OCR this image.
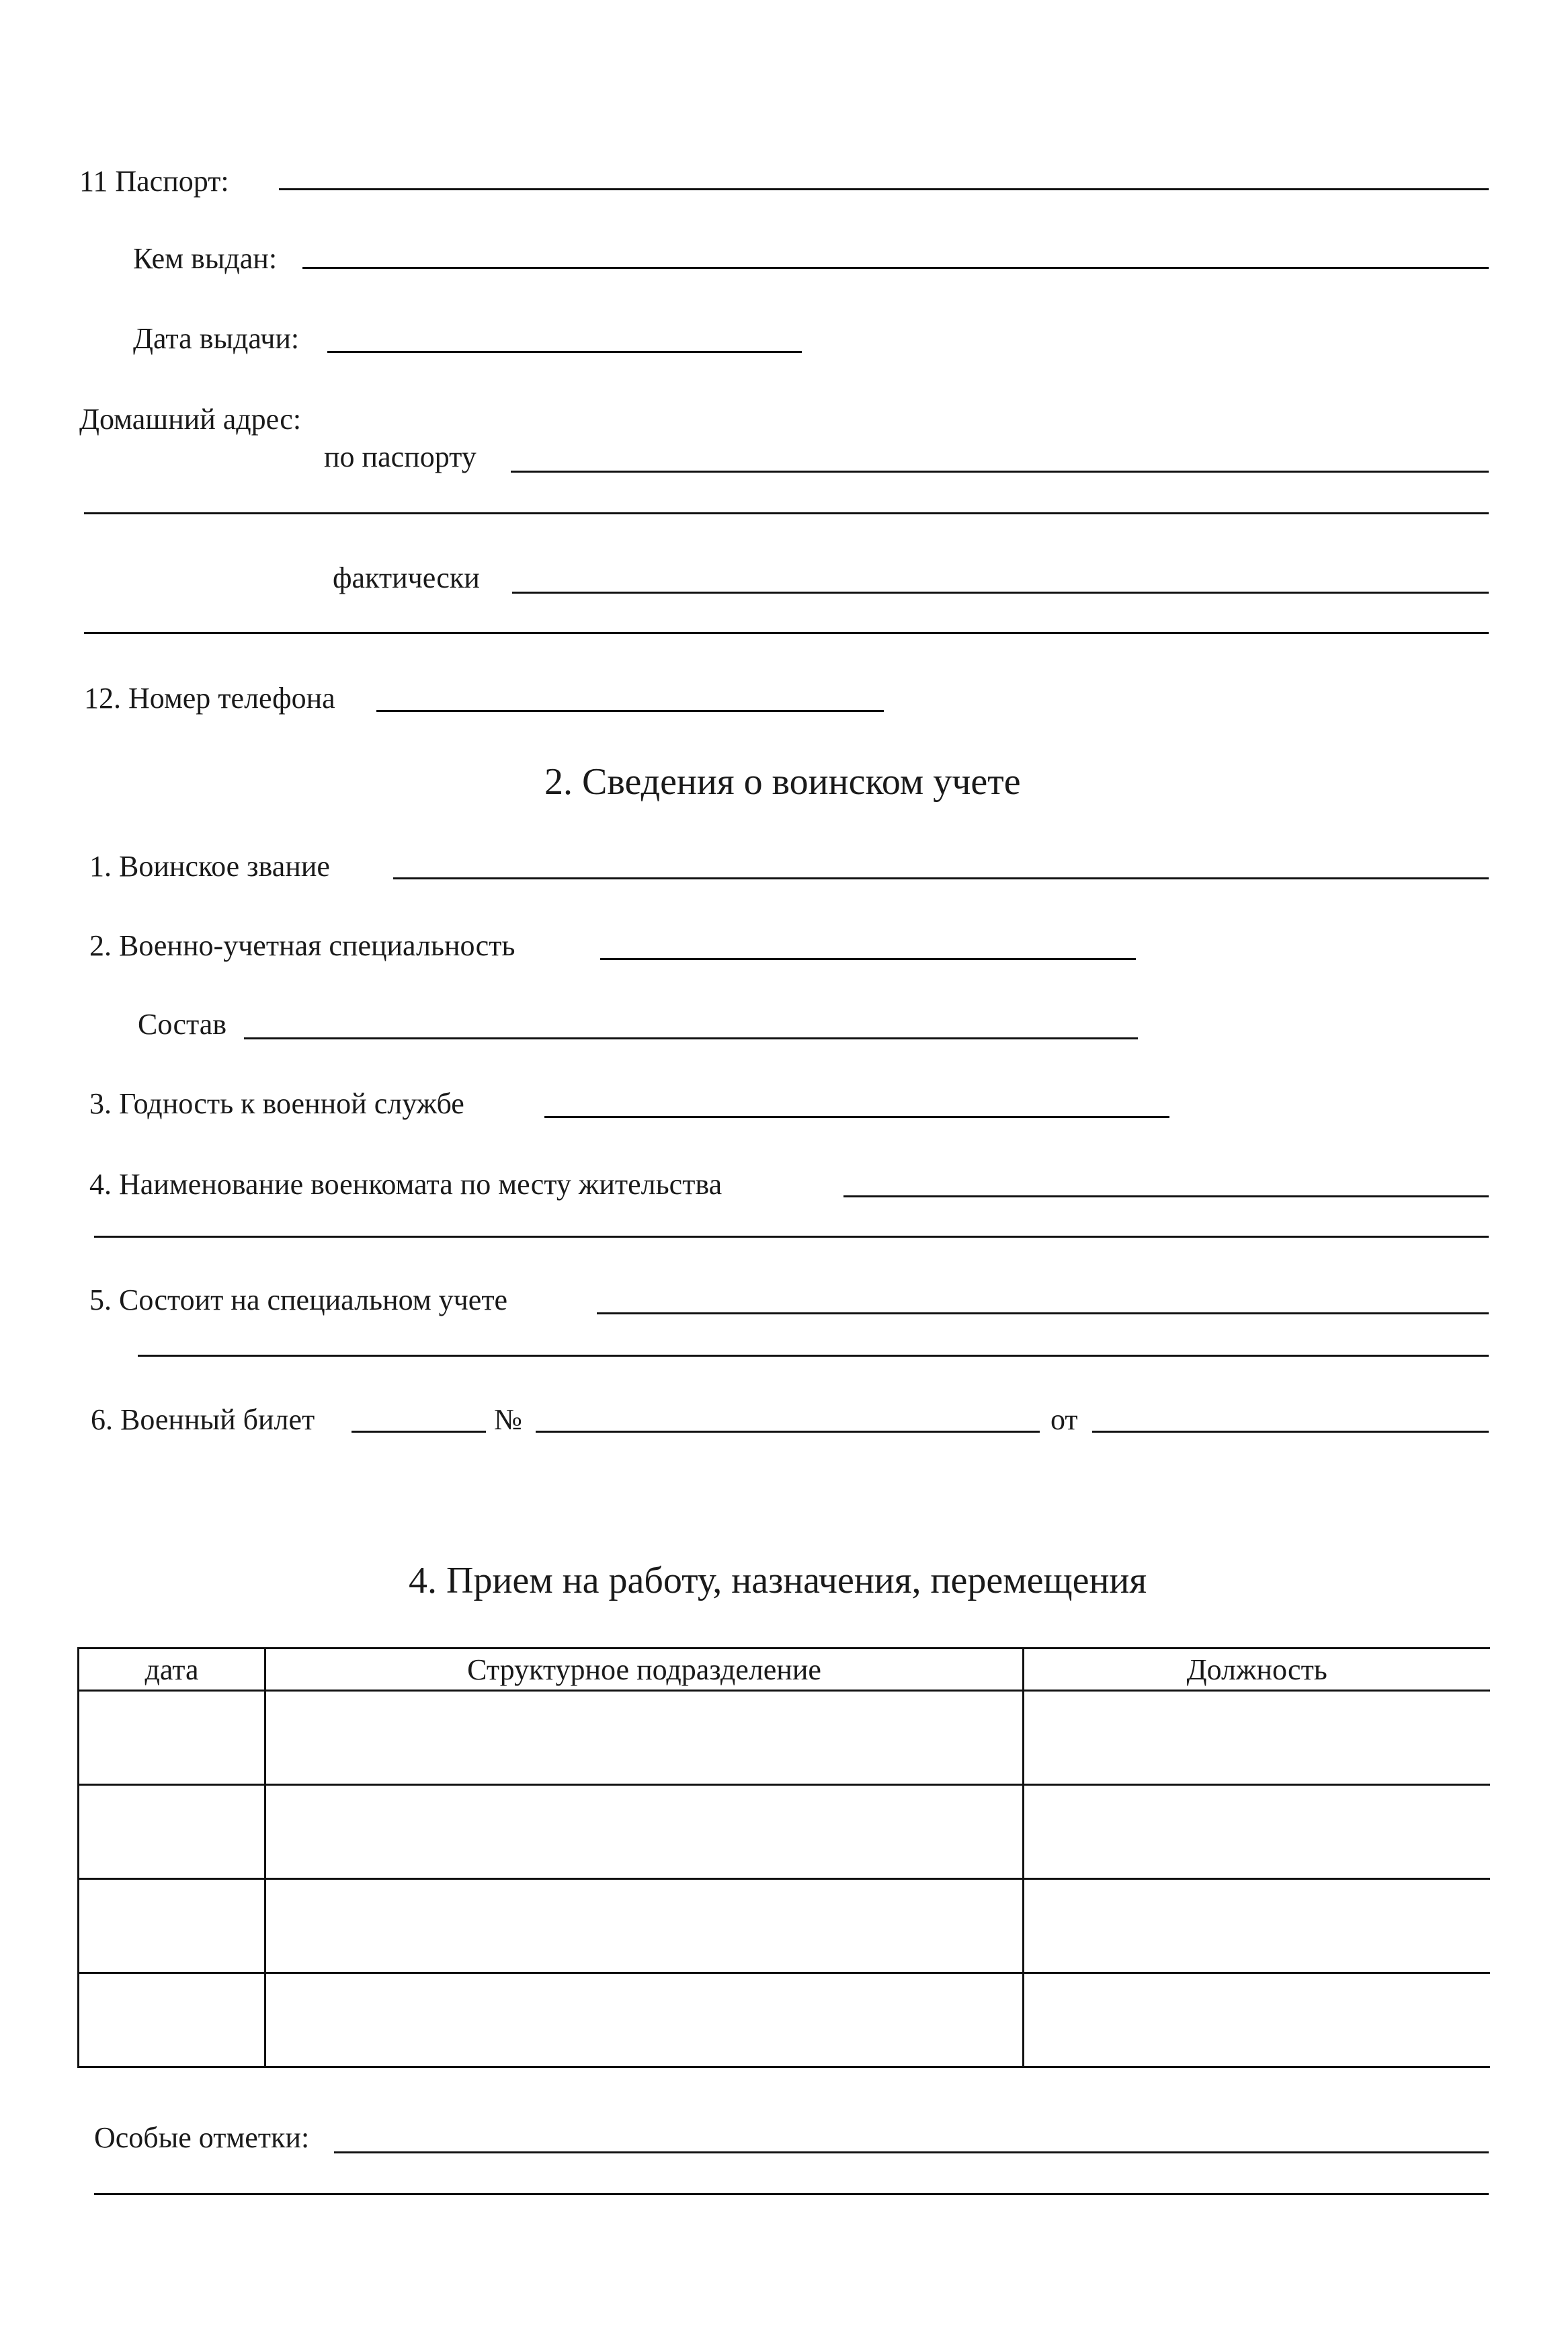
11 Паспорт:
Кем выдан:
Дата выдачи:
Домашний адрес:
по паспорту
фактически
12. Номер телефона
2. Сведения о воинском учете
1. Воинское звание
2. Военно-учетная специальность
Состав
3. Годность к военной службе
4. Наименование военкомата по месту жительства
5. Состоит на специальном учете
6. Военный билет	№	от
4. Прием на работу, назначения, перемещения
дата	Структурное подразделение	Должность

Особые отметки:
